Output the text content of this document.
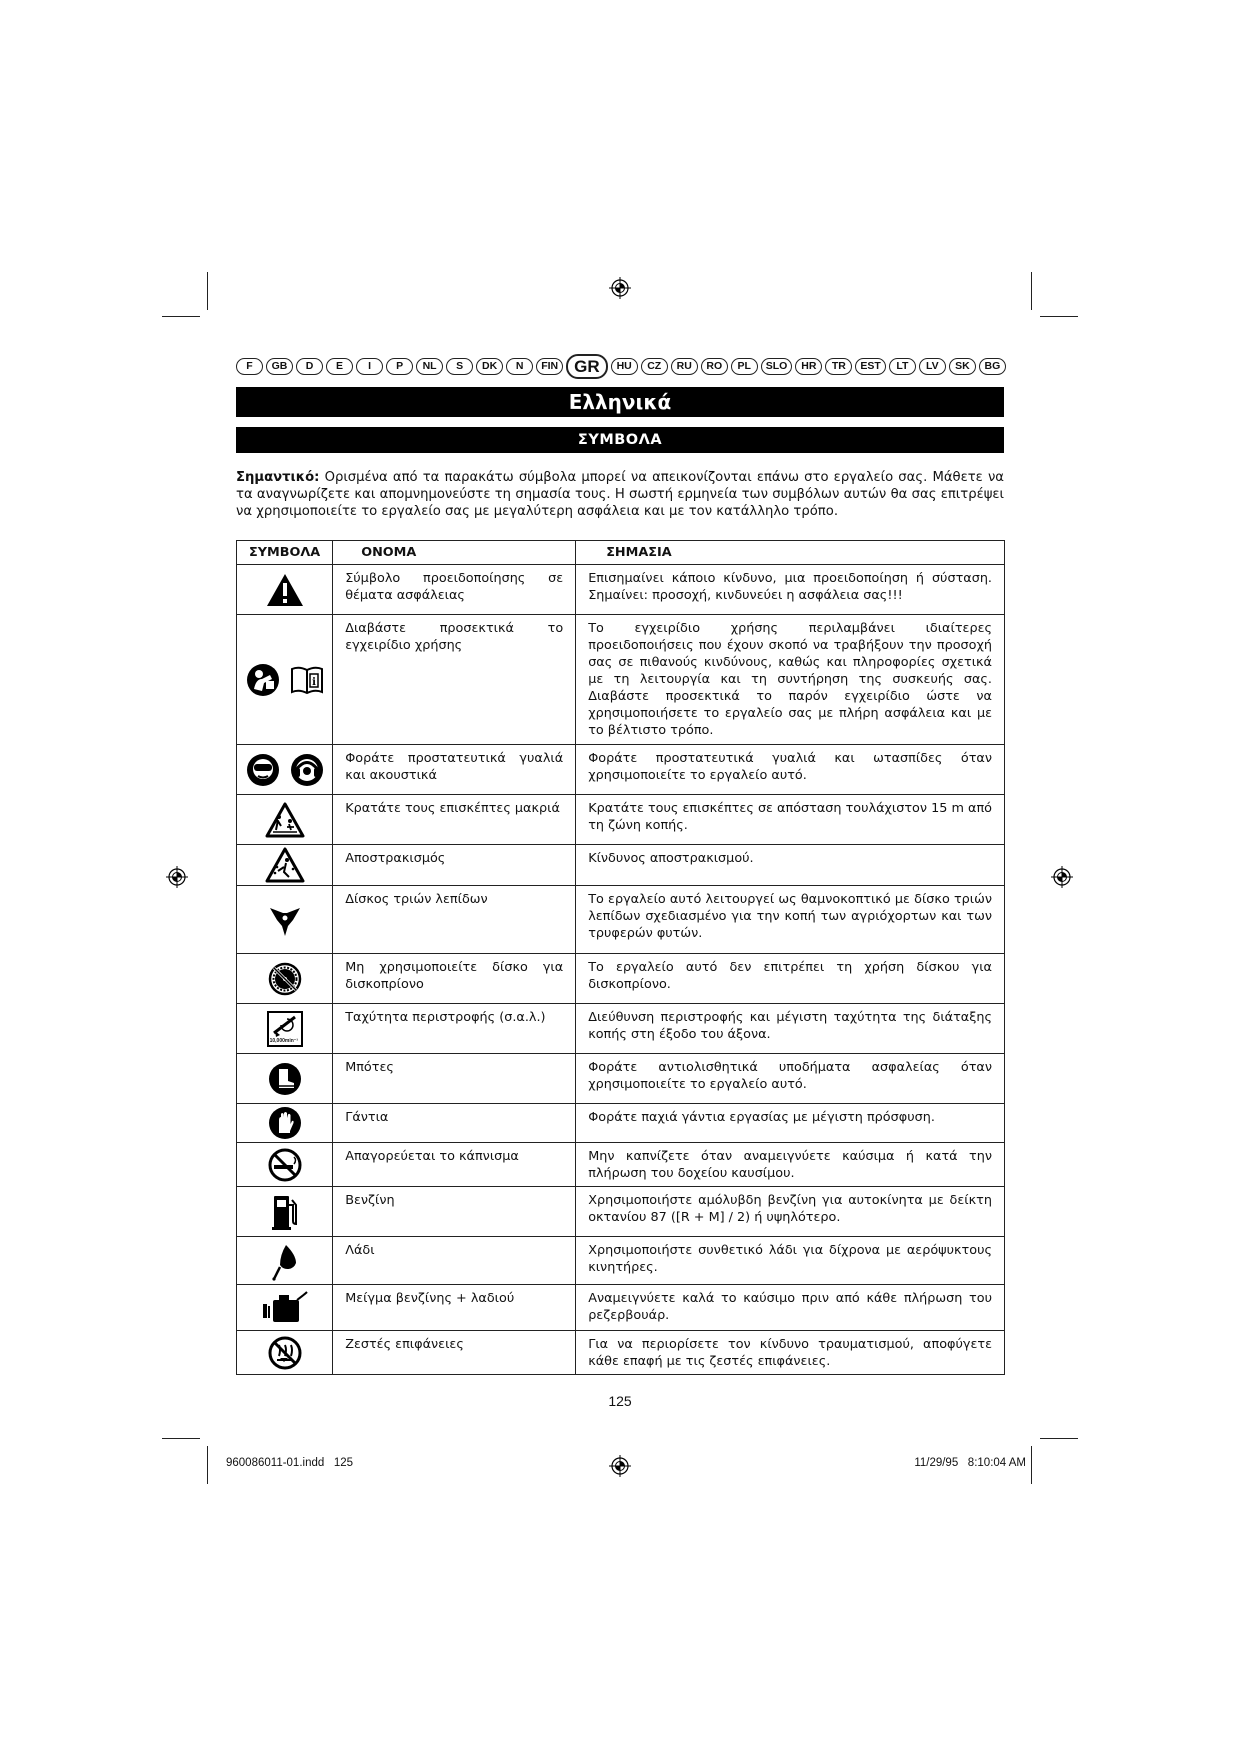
F	GB	D	E	I	P	NL	S	DK	N	FIN GR	HU	CZ	RU	RO	PL	SLO	HR	TR	EST	LT	LV	SK	BG
Ελληνικά
ΣΥΜΒΟΛΑ
Σημαντικό: Ορισμένα από τα παρακάτω σύμβολα μπορεί να απεικονίζονται επάνω στο εργαλείο σας. Μάθετε να τα αναγνωρίζετε και απομνημονεύστε τη σημασία τους. Η σωστή ερμηνεία των συμβόλων αυτών θα σας επιτρέψει να χρησιμοποιείτε το εργαλείο σας με μεγαλύτερη ασφάλεια και με τον κατάλληλο τρόπο.
ΣΥΜΒΟΛΑ	ΟΝΟΜΑ	ΣΗΜΑΣΙΑ

	Σύμβολο προειδοποίησης σε θέματα ασφάλειας	Επισημαίνει κάποιο κίνδυνο, μια προειδοποίηση ή σύσταση. Σημαίνει: προσοχή, κινδυνεύει η ασφάλεια σας!!!

i	Διαβάστε προσεκτικά το εγχειρίδιο χρήσης	Το εγχειρίδιο χρήσης περιλαμβάνει ιδιαίτερες προειδοποιήσεις που έχουν σκοπό να τραβήξουν την προσοχή σας σε πιθανούς κινδύνους, καθώς και πληροφορίες σχετικά με τη λειτουργία και τη συντήρηση της συσκευής σας. Διαβάστε προσεκτικά το παρόν εγχειρίδιο ώστε να χρησιμοποιήσετε το εργαλείο σας με πλήρη ασφάλεια και με το βέλτιστο τρόπο.

	Φοράτε προστατευτικά γυαλιά και ακουστικά	Φοράτε προστατευτικά γυαλιά και ωτασπίδες όταν χρησιμοποιείτε το εργαλείο αυτό.

	Κρατάτε τους επισκέπτες μακριά	Κρατάτε τους επισκέπτες σε απόσταση τουλάχιστον 15 m από τη ζώνη κοπής.

	Αποστρακισμός	Κίνδυνος αποστρακισμού.

	Δίσκος τριών λεπίδων	Το εργαλείο αυτό λειτουργεί ως θαμνοκοπτικό με δίσκο τριών λεπίδων σχεδιασμένο για την κοπή των αγριόχορτων και των τρυφερών φυτών.

	Μη χρησιμοποιείτε δίσκο για δισκοπρίονο	Το εργαλείο αυτό δεν επιτρέπει τη χρήση δίσκου για δισκοπρίονο.

10,000min⁻¹	Ταχύτητα περιστροφής (σ.α.λ.)	Διεύθυνση περιστροφής και μέγιστη ταχύτητα της διάταξης κοπής στη έξοδο του άξονα.

	Μπότες	Φοράτε αντιολισθητικά υποδήματα ασφαλείας όταν χρησιμοποιείτε το εργαλείο αυτό.

	Γάντια	Φοράτε παχιά γάντια εργασίας με μέγιστη πρόσφυση.

	Απαγορεύεται το κάπνισμα	Μην καπνίζετε όταν αναμειγνύετε καύσιμα ή κατά την πλήρωση του δοχείου καυσίμου.

	Βενζίνη	Χρησιμοποιήστε αμόλυβδη βενζίνη για αυτοκίνητα με δείκτη οκτανίου 87 ([R + M] / 2) ή υψηλότερο.

	Λάδι	Χρησιμοποιήστε συνθετικό λάδι για δίχρονα με αερόψυκτους κινητήρες.

	Μείγμα βενζίνης + λαδιού	Αναμειγνύετε καλά το καύσιμο πριν από κάθε πλήρωση του ρεζερβουάρ.

	Ζεστές επιφάνειες	Για να περιορίσετε τον κίνδυνο τραυματισμού, αποφύγετε κάθε επαφή με τις ζεστές επιφάνειες.
125
960086011-01.indd   125	11/29/95   8:10:04 AM
